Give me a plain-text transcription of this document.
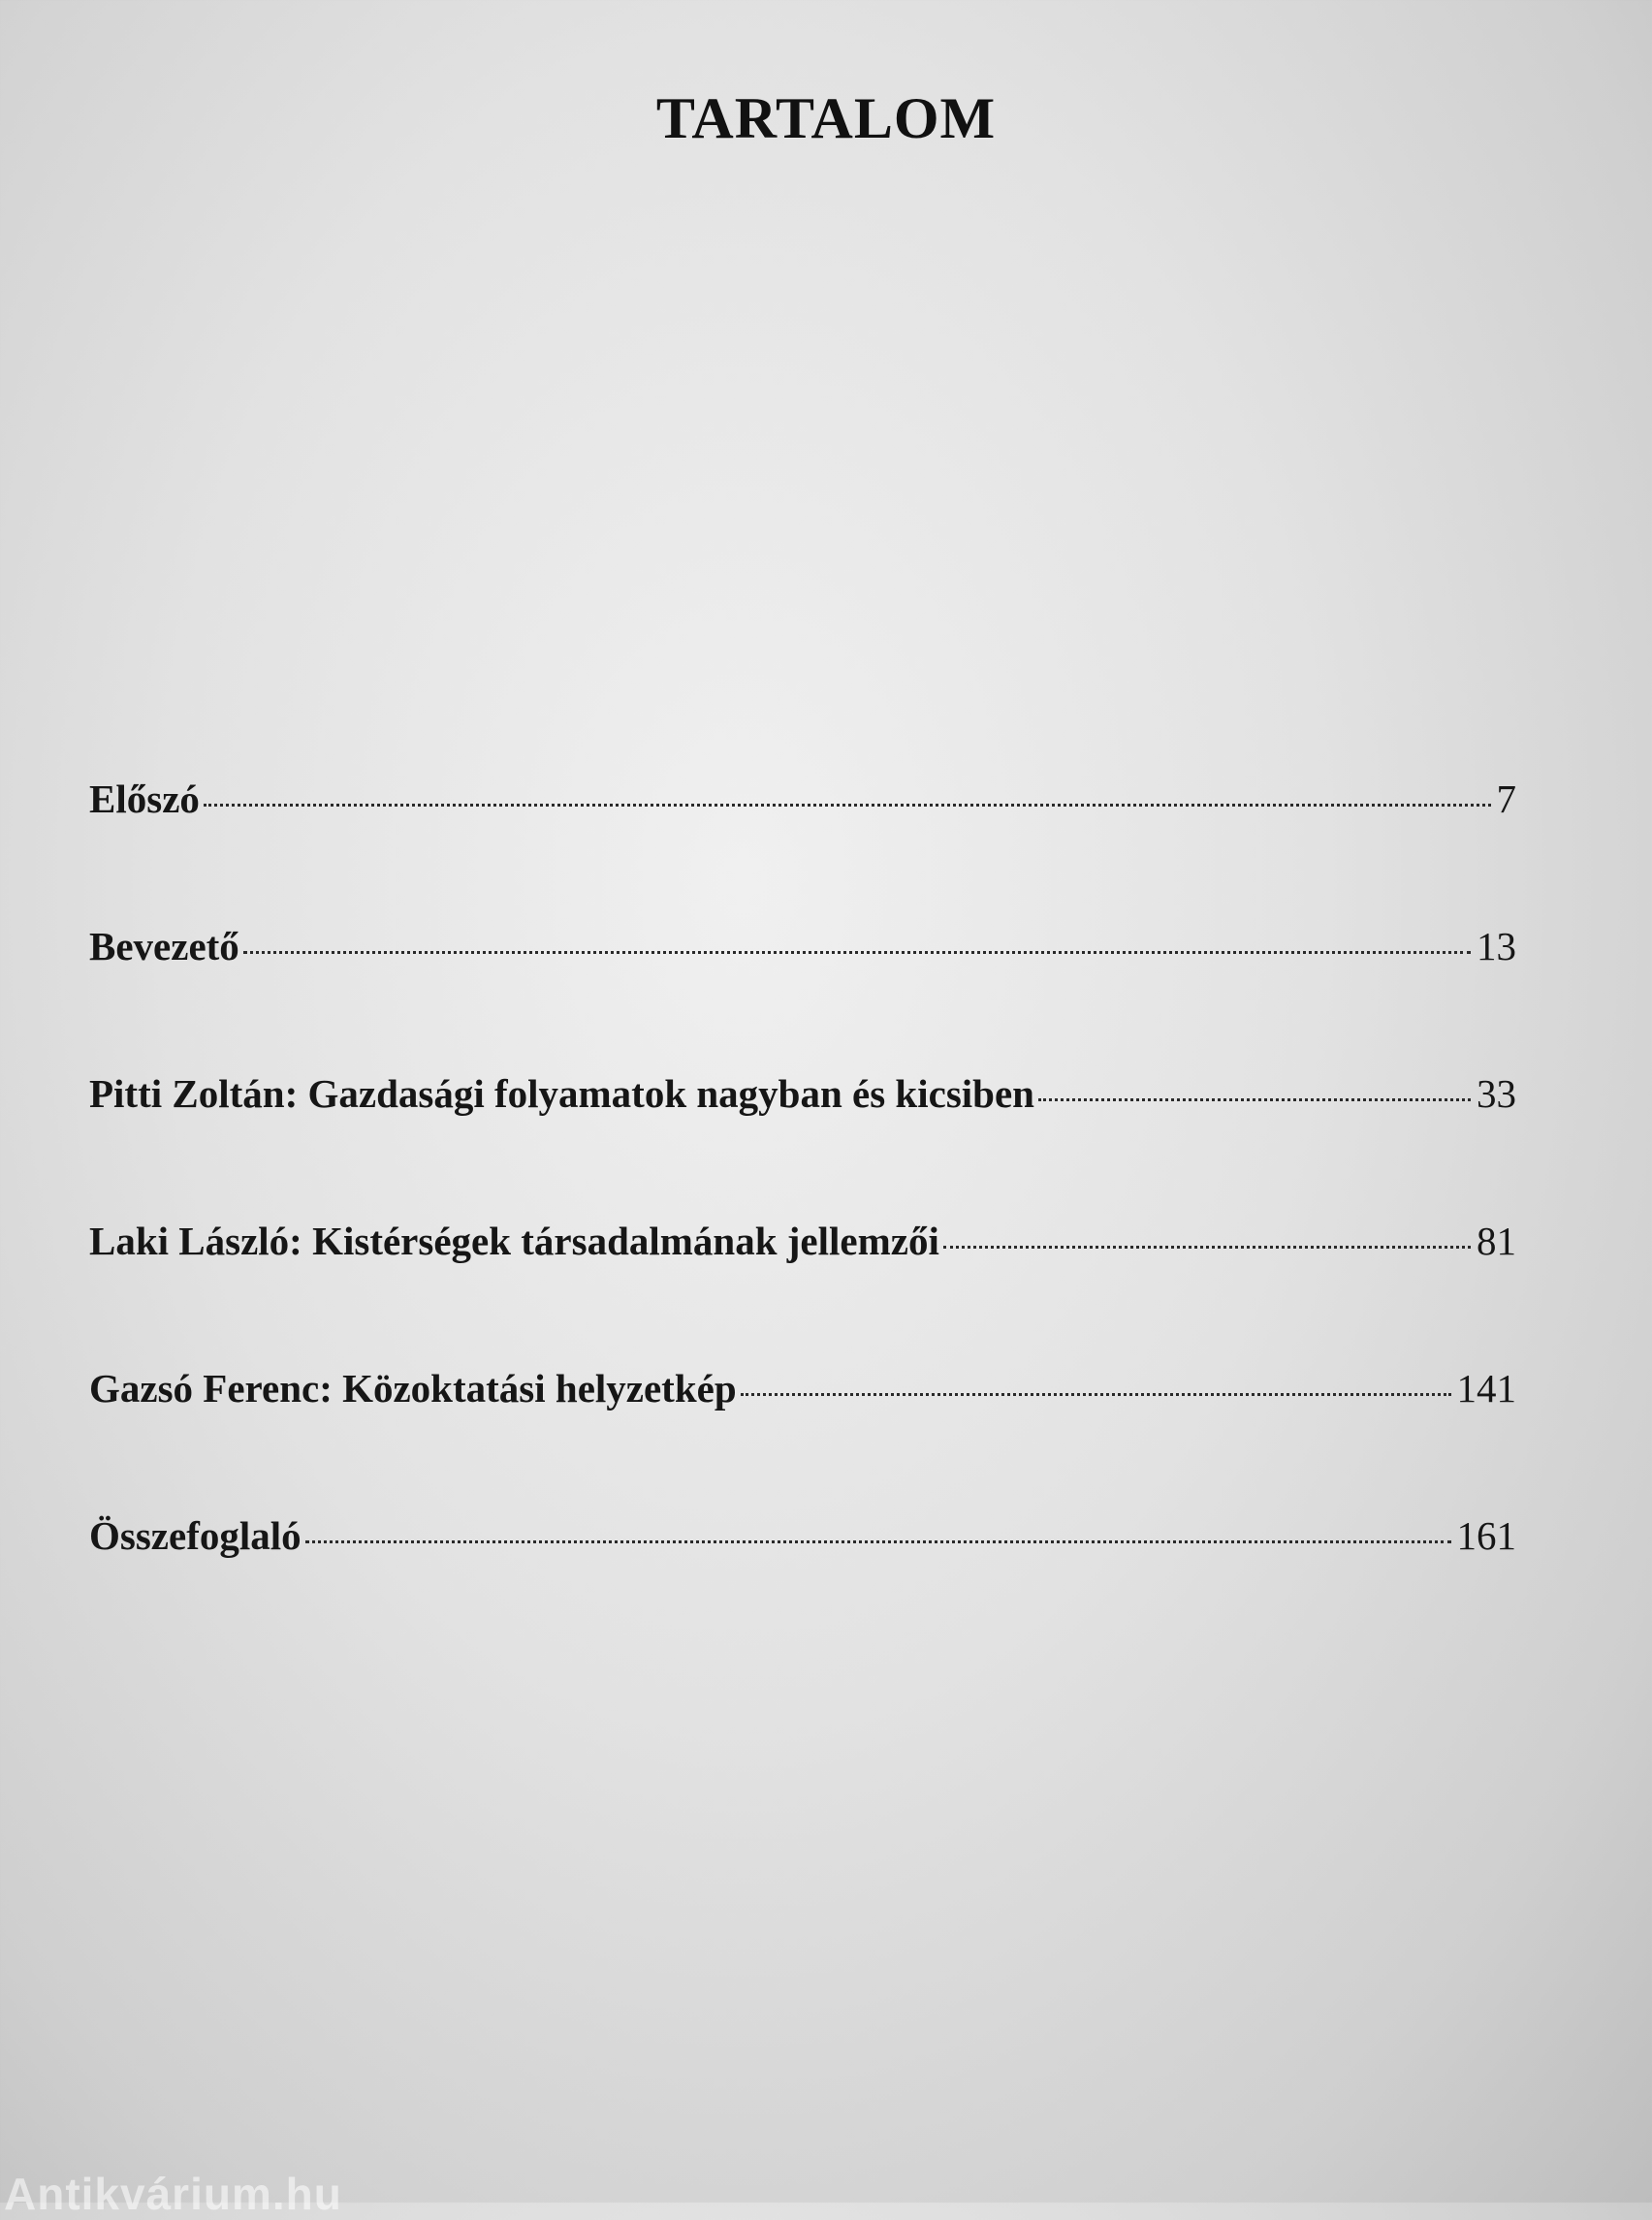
TARTALOM
Előszó	7
Bevezető	13
Pitti Zoltán: Gazdasági folyamatok nagyban és kicsiben	33
Laki László: Kistérségek társadalmának jellemzői	81
Gazsó Ferenc: Közoktatási helyzetkép	141
Összefoglaló	161
Antikvárium.hu
